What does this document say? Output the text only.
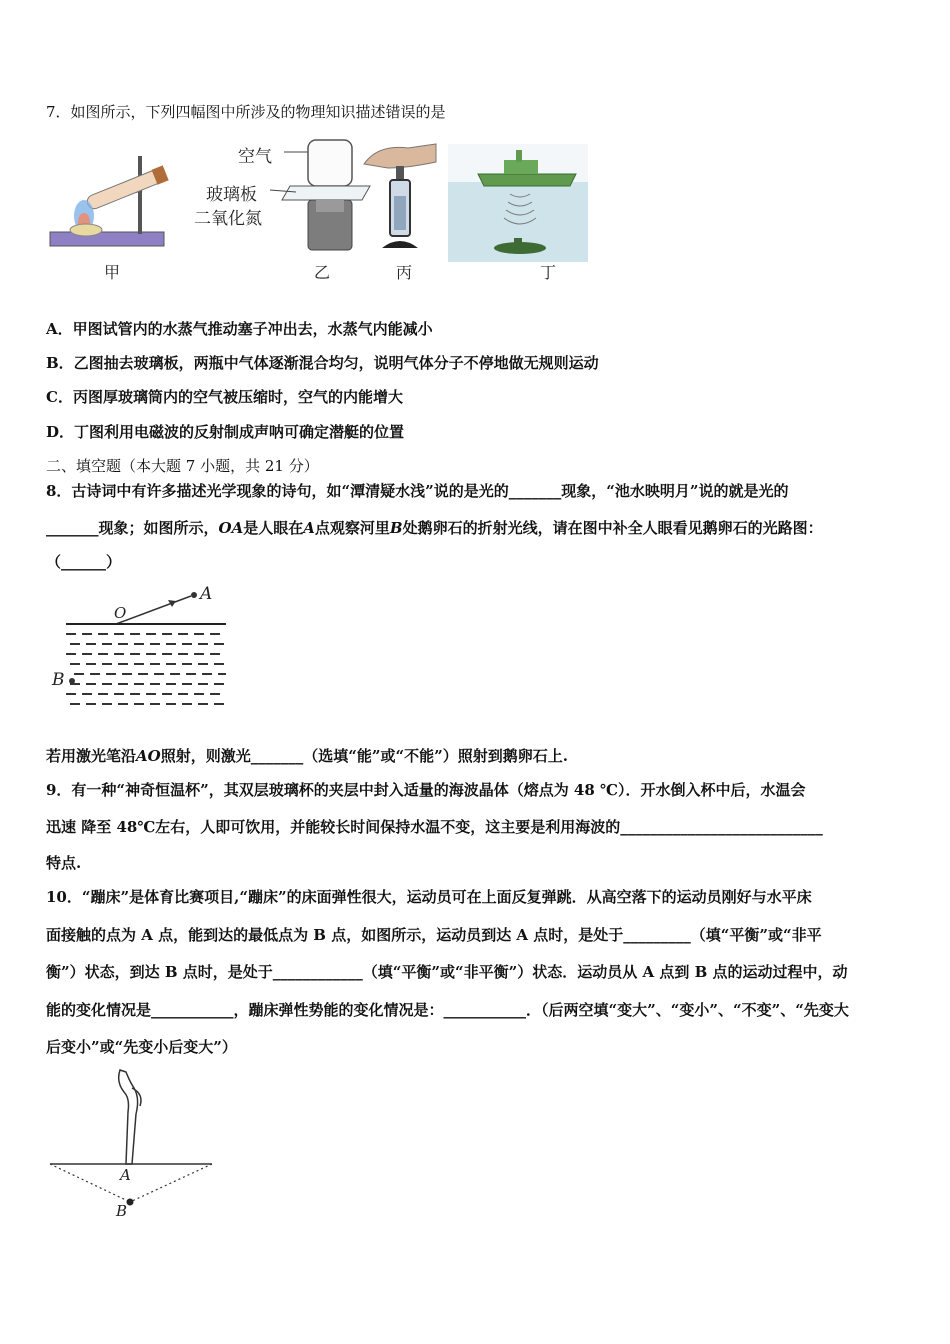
7．如图所示，下列四幅图中所涉及的物理知识描述错误的是
甲
空气
玻璃板
二氧化氮
乙	丙	丁
A．甲图试管内的水蒸气推动塞子冲出去，水蒸气内能减小
B．乙图抽去玻璃板，两瓶中气体逐渐混合均匀，说明气体分子不停地做无规则运动
C．丙图厚玻璃筒内的空气被压缩时，空气的内能增大
D．丁图利用电磁波的反射制成声呐可确定潜艇的位置
二、填空题（本大题 7 小题，共 21 分）
8．古诗词中有许多描述光学现象的诗句，如“潭清疑水浅”说的是光的_______现象，“池水映明月”说的就是光的
_______现象；如图所示，OA是人眼在A点观察河里B处鹅卵石的折射光线，请在图中补全人眼看见鹅卵石的光路图：
（______）
O
A
B
若用激光笔沿AO照射，则激光_______（选填“能”或“不能”）照射到鹅卵石上.
9．有一种“神奇恒温杯”，其双层玻璃杯的夹层中封入适量的海波晶体（熔点为 48 ℃）．开水倒入杯中后，水温会
迅速 降至 48℃左右，人即可饮用，并能较长时间保持水温不变，这主要是利用海波的___________________________
特点.
10．“蹦床”是体育比赛项目,“蹦床”的床面弹性很大，运动员可在上面反复弹跳．从高空落下的运动员刚好与水平床
面接触的点为 A 点，能到达的最低点为 B 点，如图所示，运动员到达 A 点时，是处于_________（填“平衡”或“非平
衡”）状态，到达 B 点时，是处于____________（填“平衡”或“非平衡”）状态．运动员从 A 点到 B 点的运动过程中，动
能的变化情况是___________，蹦床弹性势能的变化情况是：___________．（后两空填“变大”、“变小”、“不变”、“先变大
后变小”或“先变小后变大”）
A
B
